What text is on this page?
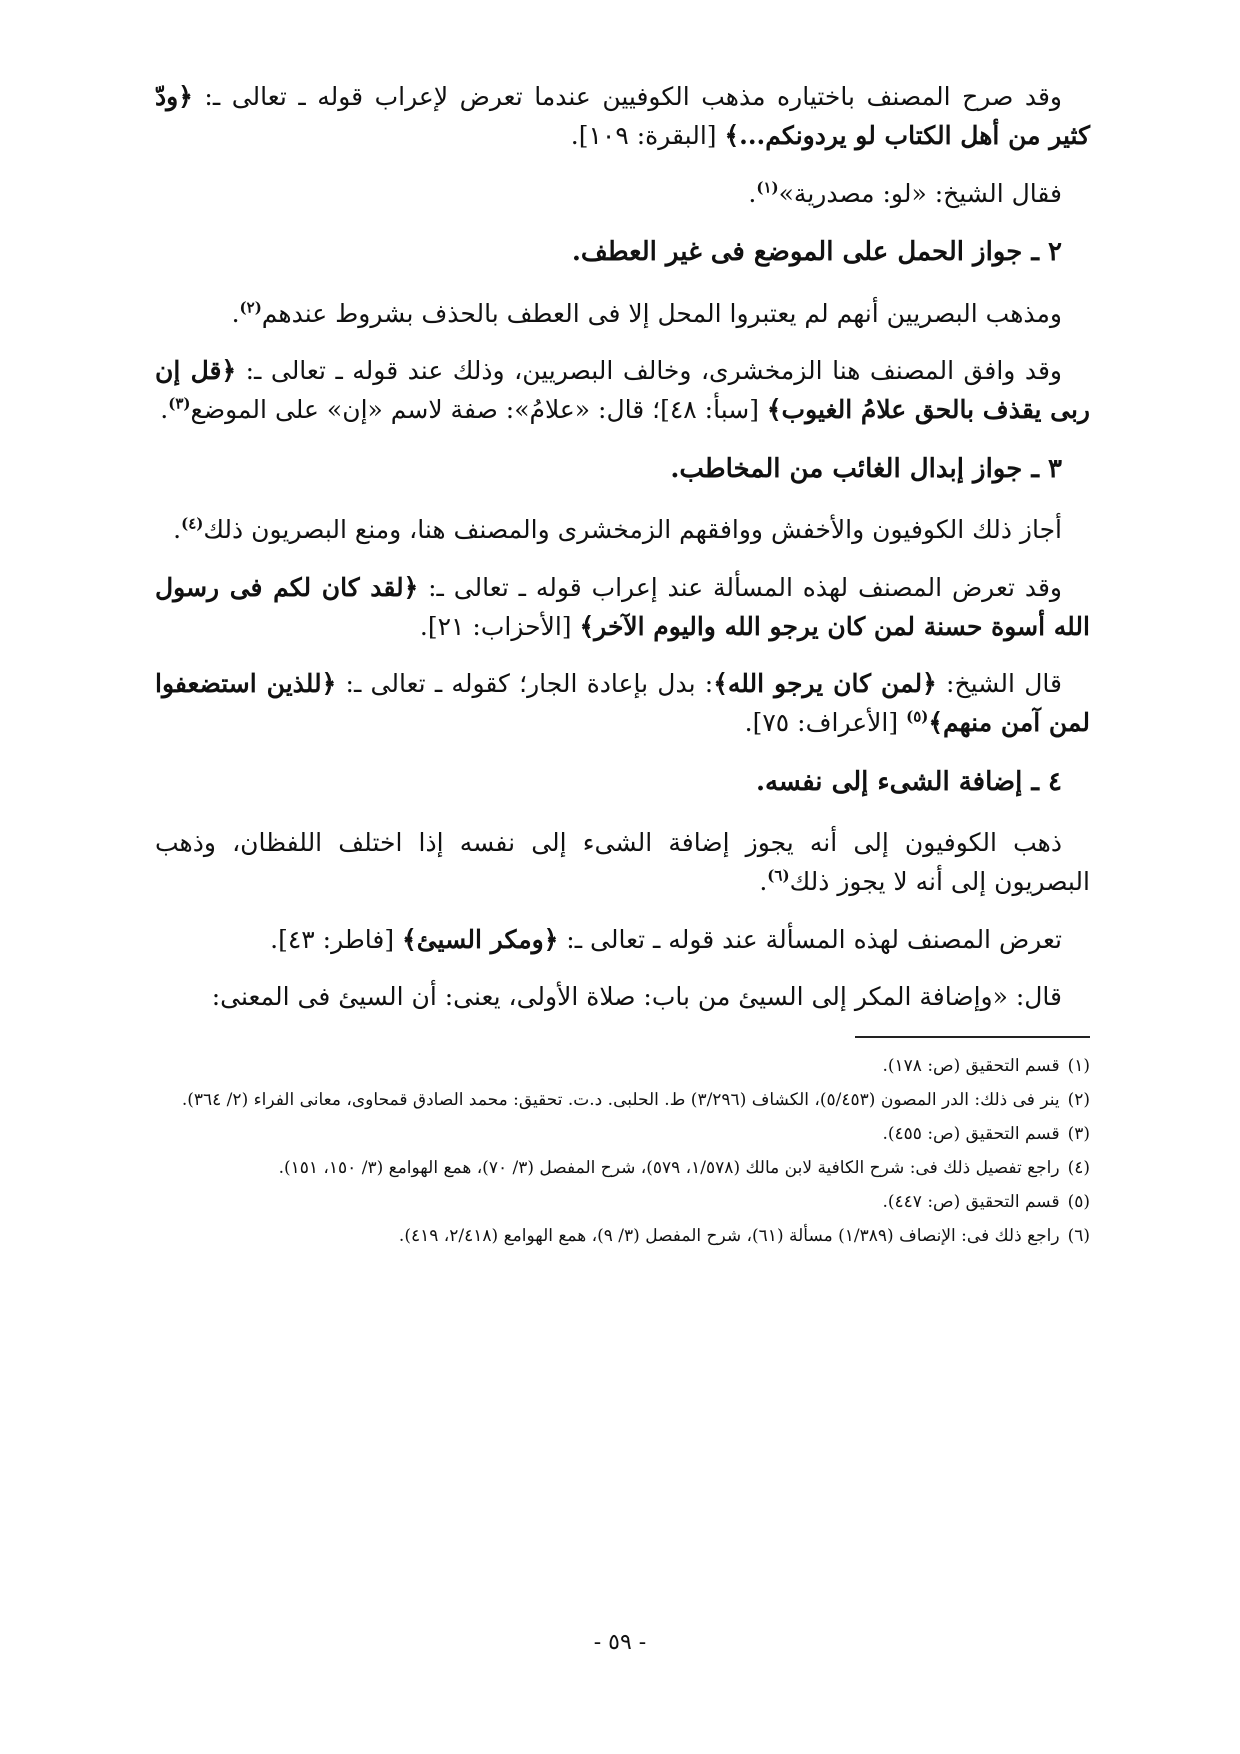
وقد صرح المصنف باختياره مذهب الكوفيين عندما تعرض لإعراب قوله ـ تعالى ـ: ﴿ودّ كثير من أهل الكتاب لو يردونكم...﴾ [البقرة: ١٠٩].

فقال الشيخ: «لو: مصدرية»$^{(١)}$.

٢ ـ جواز الحمل على الموضع فى غير العطف.

ومذهب البصريين أنهم لم يعتبروا المحل إلا فى العطف بالحذف بشروط عندهم$^{(٢)}$.

وقد وافق المصنف هنا الزمخشرى، وخالف البصريين، وذلك عند قوله ـ تعالى ـ: ﴿قل إن ربى يقذف بالحق علامُ الغيوب﴾ [سبأ: ٤٨]؛ قال: «علامُ»: صفة لاسم «إن» على الموضع$^{(٣)}$.

٣ ـ جواز إبدال الغائب من المخاطب.

أجاز ذلك الكوفيون والأخفش ووافقهم الزمخشرى والمصنف هنا، ومنع البصريون ذلك$^{(٤)}$.

وقد تعرض المصنف لهذه المسألة عند إعراب قوله ـ تعالى ـ: ﴿لقد كان لكم فى رسول الله أسوة حسنة لمن كان يرجو الله واليوم الآخر﴾ [الأحزاب: ٢١].

قال الشيخ: ﴿لمن كان يرجو الله﴾: بدل بإعادة الجار؛ كقوله ـ تعالى ـ: ﴿للذين استضعفوا لمن آمن منهم﴾$^{(٥)}$ [الأعراف: ٧٥].

٤ ـ إضافة الشىء إلى نفسه.

ذهب الكوفيون إلى أنه يجوز إضافة الشىء إلى نفسه إذا اختلف اللفظان، وذهب البصريون إلى أنه لا يجوز ذلك$^{(٦)}$.

تعرض المصنف لهذه المسألة عند قوله ـ تعالى ـ: ﴿ومكر السيئ﴾ [فاطر: ٤٣].

قال: «وإضافة المكر إلى السيئ من باب: صلاة الأولى، يعنى: أن السيئ فى المعنى:

(١)قسم التحقيق (ص: ١٧٨).
(٢)ينر فى ذلك: الدر المصون (٥/٤٥٣)، الكشاف (٣/٢٩٦) ط. الحلبى. د.ت. تحقيق: محمد الصادق قمحاوى، معانى الفراء (٢/ ٣٦٤).
(٣)قسم التحقيق (ص: ٤٥٥).
(٤)راجع تفصيل ذلك فى: شرح الكافية لابن مالك (١/٥٧٨، ٥٧٩)، شرح المفصل (٣/ ٧٠)، همع الهوامع (٣/ ١٥٠، ١٥١).
(٥)قسم التحقيق (ص: ٤٤٧).
(٦)راجع ذلك فى: الإنصاف (١/٣٨٩) مسألة (٦١)، شرح المفصل (٣/ ٩)، همع الهوامع (٢/٤١٨، ٤١٩).
- ٥٩ -
